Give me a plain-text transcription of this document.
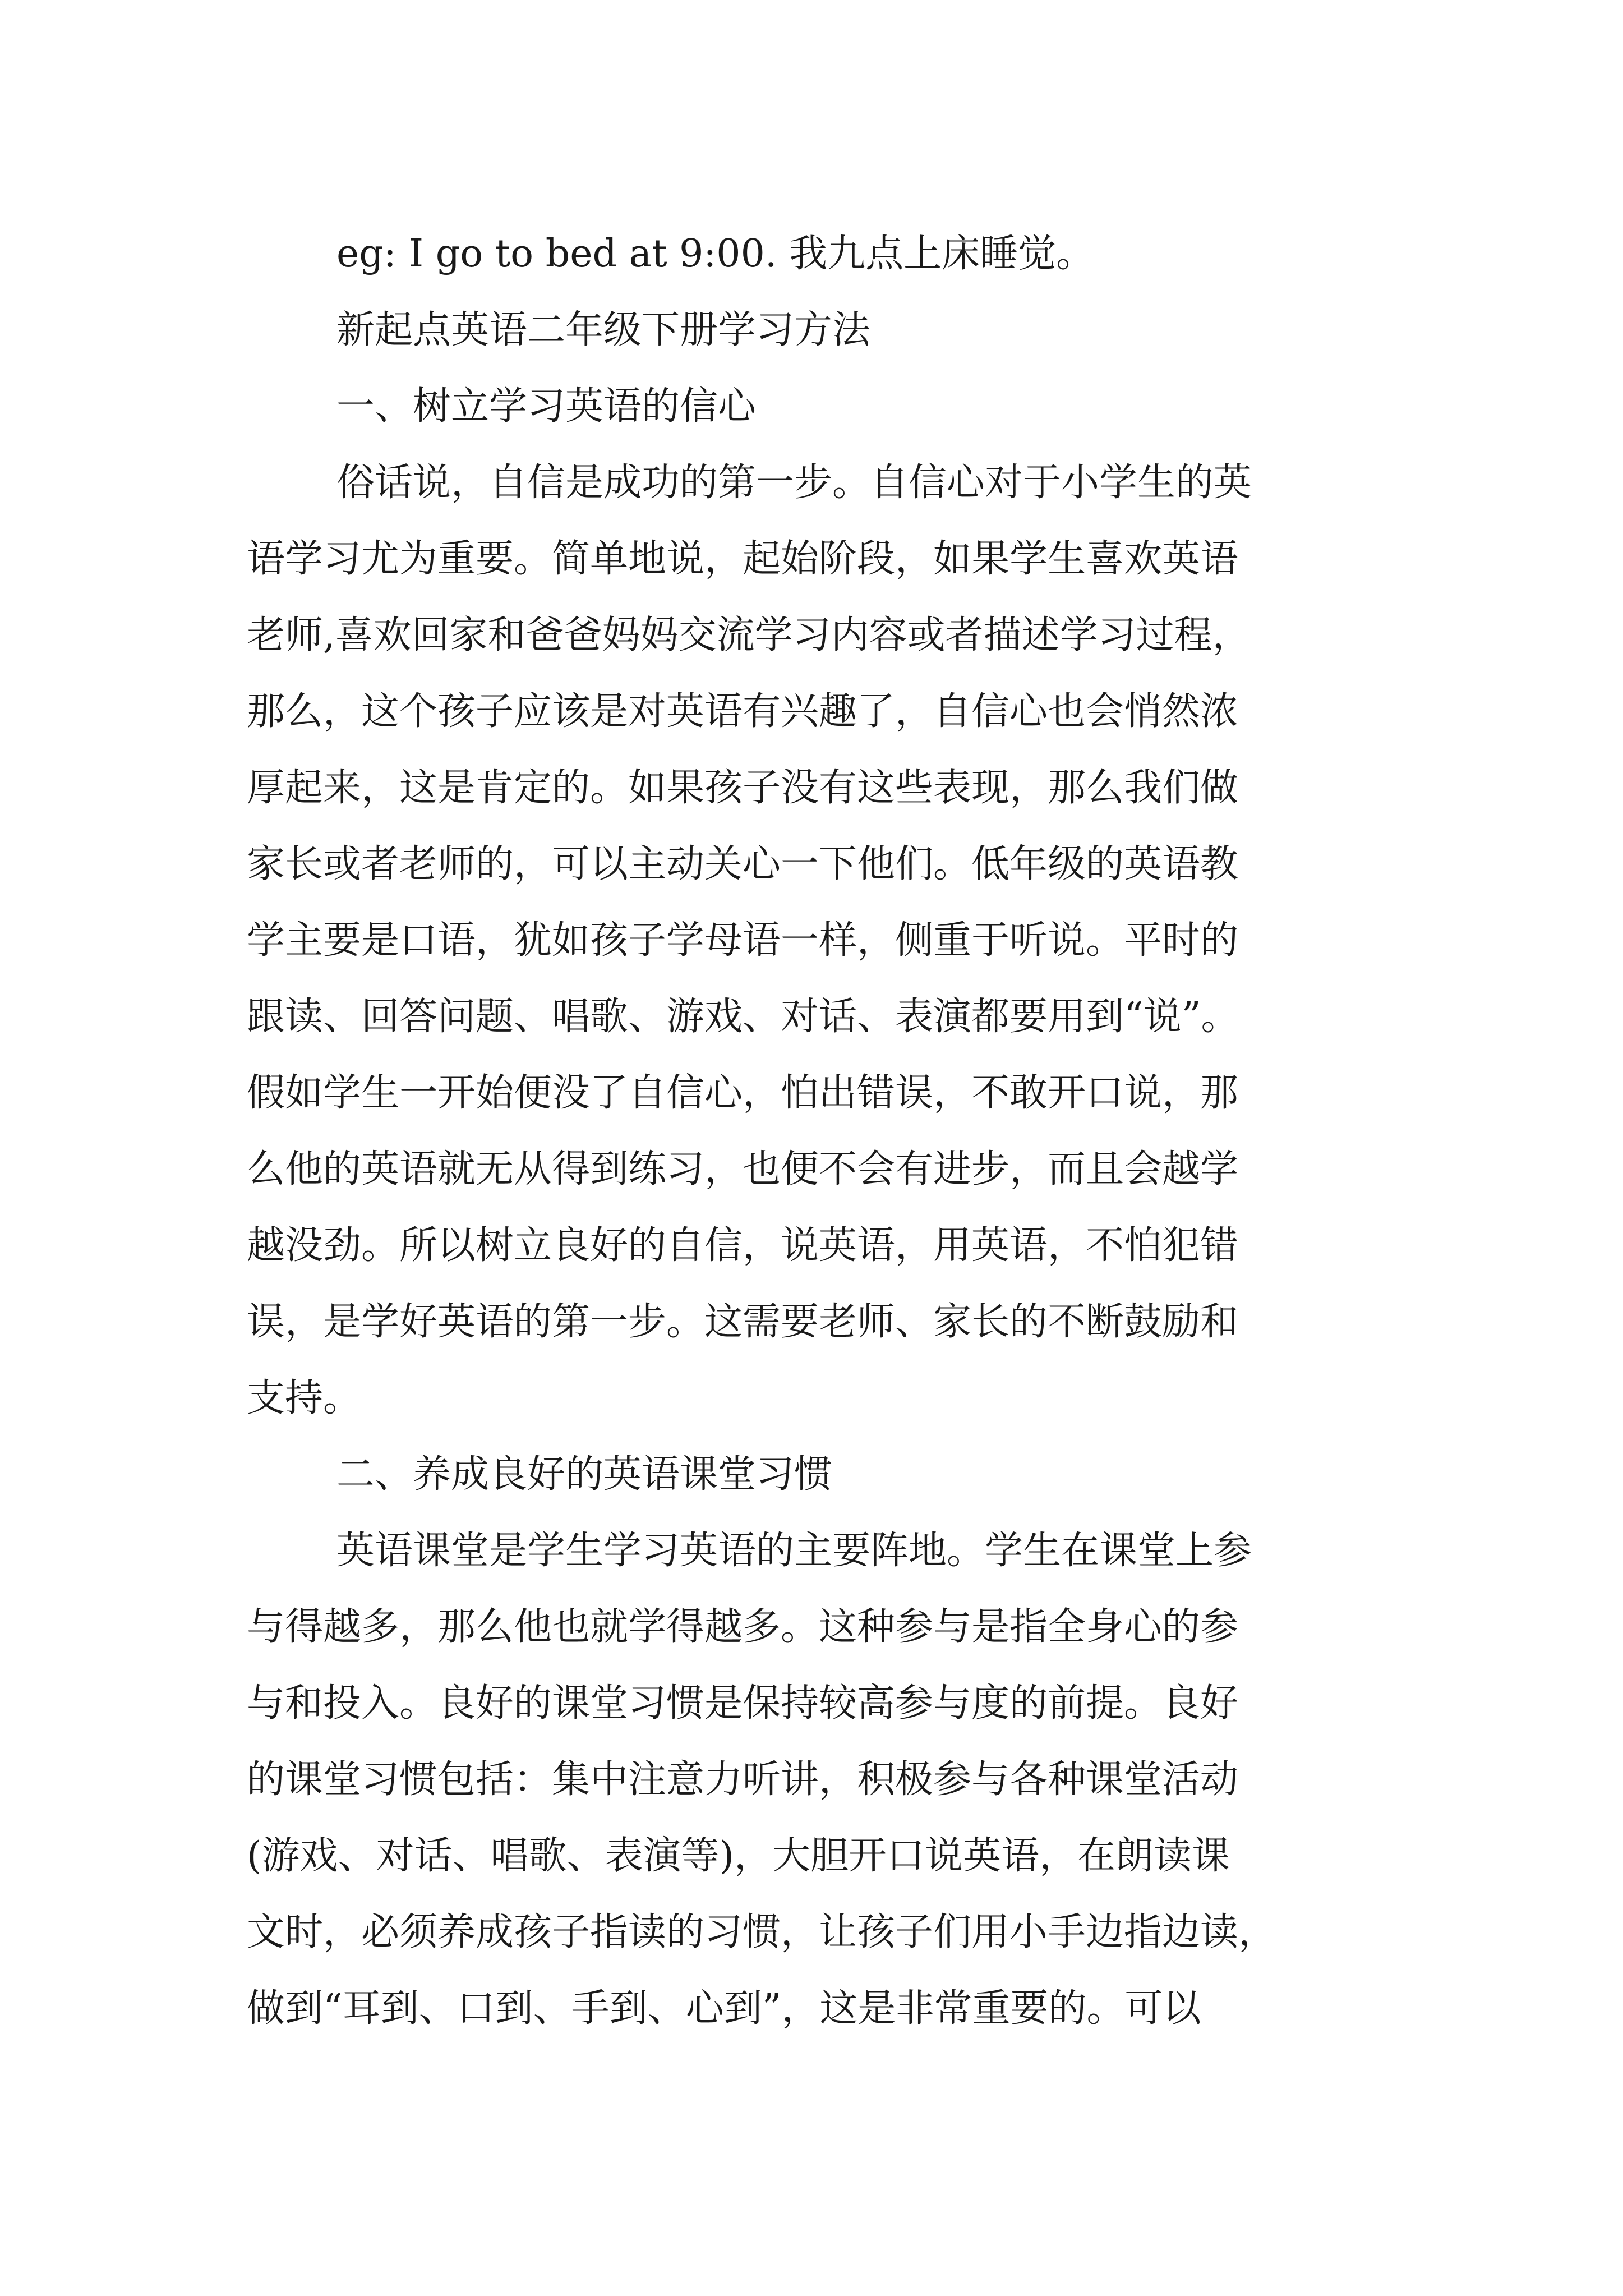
eg: I go to bed at 9:00. 我九点上床睡觉。
新起点英语二年级下册学习方法
一、树立学习英语的信心
俗话说，自信是成功的第一步。自信心对于小学生的英
语学习尤为重要。简单地说，起始阶段，如果学生喜欢英语
老师,喜欢回家和爸爸妈妈交流学习内容或者描述学习过程，
那么，这个孩子应该是对英语有兴趣了，自信心也会悄然浓
厚起来，这是肯定的。如果孩子没有这些表现，那么我们做
家长或者老师的，可以主动关心一下他们。低年级的英语教
学主要是口语，犹如孩子学母语一样，侧重于听说。平时的
跟读、回答问题、唱歌、游戏、对话、表演都要用到“说”。
假如学生一开始便没了自信心，怕出错误，不敢开口说，那
么他的英语就无从得到练习，也便不会有进步，而且会越学
越没劲。所以树立良好的自信，说英语，用英语，不怕犯错
误，是学好英语的第一步。这需要老师、家长的不断鼓励和
支持。
二、养成良好的英语课堂习惯
英语课堂是学生学习英语的主要阵地。学生在课堂上参
与得越多，那么他也就学得越多。这种参与是指全身心的参
与和投入。良好的课堂习惯是保持较高参与度的前提。良好
的课堂习惯包括：集中注意力听讲，积极参与各种课堂活动
(游戏、对话、唱歌、表演等)，大胆开口说英语，在朗读课
文时，必须养成孩子指读的习惯，让孩子们用小手边指边读，
做到“耳到、口到、手到、心到”，这是非常重要的。可以
